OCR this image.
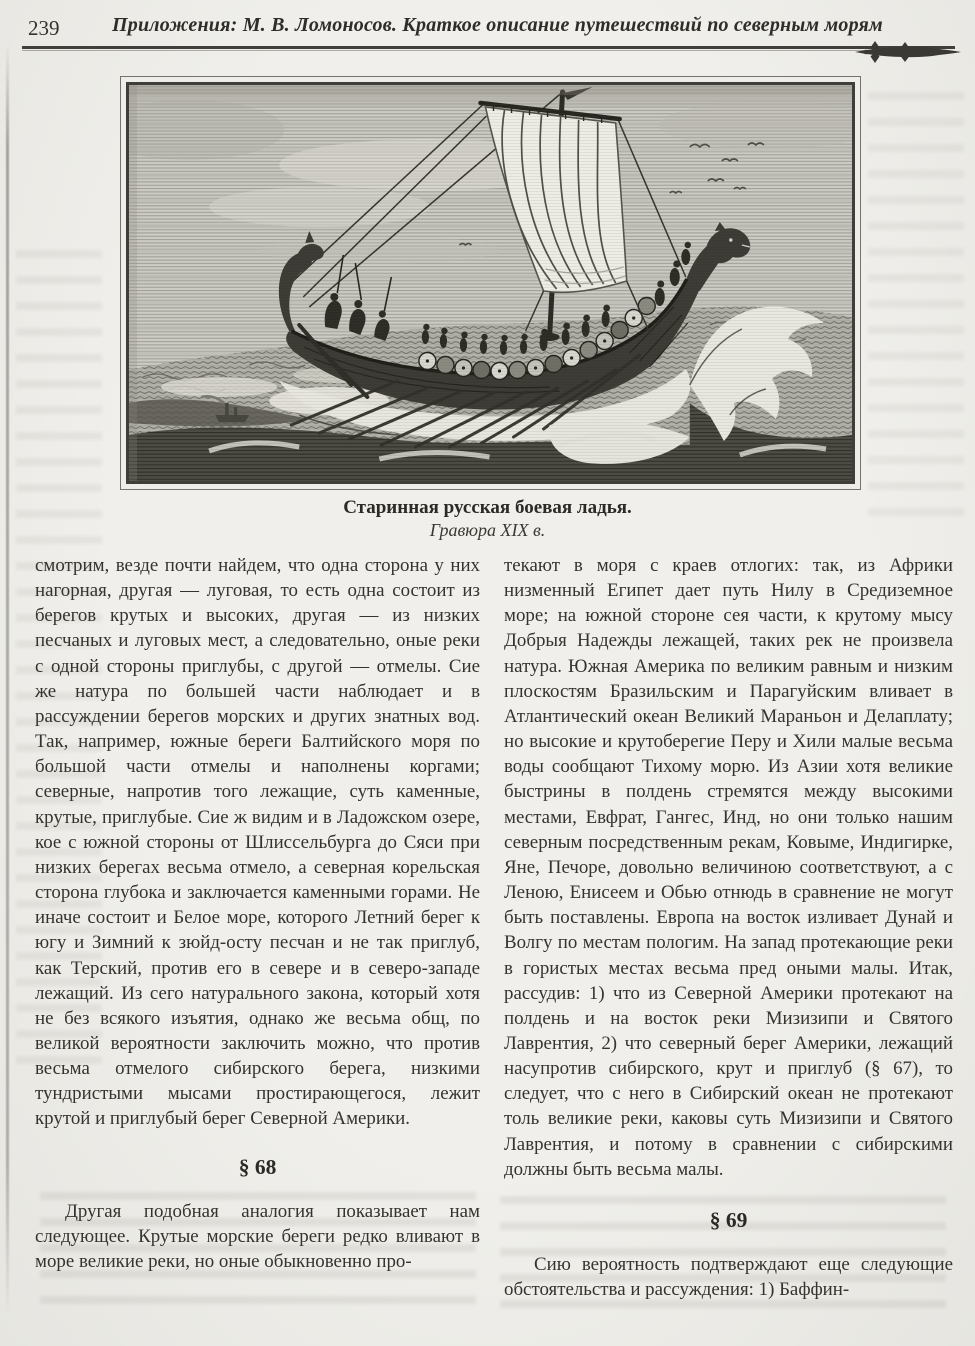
239	Приложения: М. В. Ломоносов. Краткое описание путешествий по северным морям
Старинная русская боевая ладья.
Гравюра XIX в.

смотрим, везде почти найдем, что одна сторона у них нагорная, другая — луговая, то есть одна состоит из берегов крутых и высоких, другая — из низких песчаных и луговых мест, а следовательно, оные реки с одной стороны приглубы, с другой — отмелы. Сие же натура по большей части наблюдает и в рассуждении берегов морских и других знатных вод. Так, например, южные береги Балтийского моря по большой части отмелы и наполнены коргами; северные, напротив того лежащие, суть каменные, крутые, приглубые. Сие ж видим и в Ладожском озере, кое с южной стороны от Шлиссельбурга до Сяси при низких берегах весьма отмело, а северная корельская сторона глубока и заключается каменными горами. Не иначе состоит и Белое море, которого Летний берег к югу и Зимний к зюйд-осту песчан и не так приглуб, как Терский, против его в севере и в северо-западе лежащий. Из сего натурального закона, который хотя не без всякого изъятия, однако же весьма общ, по великой вероятности заключить можно, что против весьма отмелого сибирского берега, низкими тундристыми мысами простирающегося, лежит крутой и приглубый берег Северной Америки.

§ 68

Другая подобная аналогия показывает нам следующее. Крутые морские береги редко вливают в море великие реки, но оные обыкновенно про-

текают в моря с краев отлогих: так, из Африки низменный Египет дает путь Нилу в Средиземное море; на южной стороне сея части, к крутому мысу Добрыя Надежды лежащей, таких рек не произвела натура. Южная Америка по великим равным и низким плоскостям Бразильским и Парагуйским вливает в Атлантический океан Великий Мараньон и Делаплату; но высокие и крутоберегие Перу и Хили малые весьма воды сообщают Тихому морю. Из Азии хотя великие быстрины в полдень стремятся между высокими местами, Евфрат, Гангес, Инд, но они только нашим северным посредственным рекам, Ковыме, Индигирке, Яне, Печоре, довольно величиною соответствуют, а с Леною, Енисеем и Обью отнюдь в сравнение не могут быть поставлены. Европа на восток изливает Дунай и Волгу по местам пологим. На запад протекающие реки в гористых местах весьма пред оными малы. Итак, рассудив: 1) что из Северной Америки протекают на полдень и на восток реки Мизизипи и Святого Лаврентия, 2) что северный берег Америки, лежащий насупротив сибирского, крут и приглуб (§ 67), то следует, что с него в Сибирский океан не протекают толь великие реки, каковы суть Мизизипи и Святого Лаврентия, и потому в сравнении с сибирскими должны быть весьма малы.

§ 69

Сию вероятность подтверждают еще следующие обстоятельства и рассуждения: 1) Баффин-
